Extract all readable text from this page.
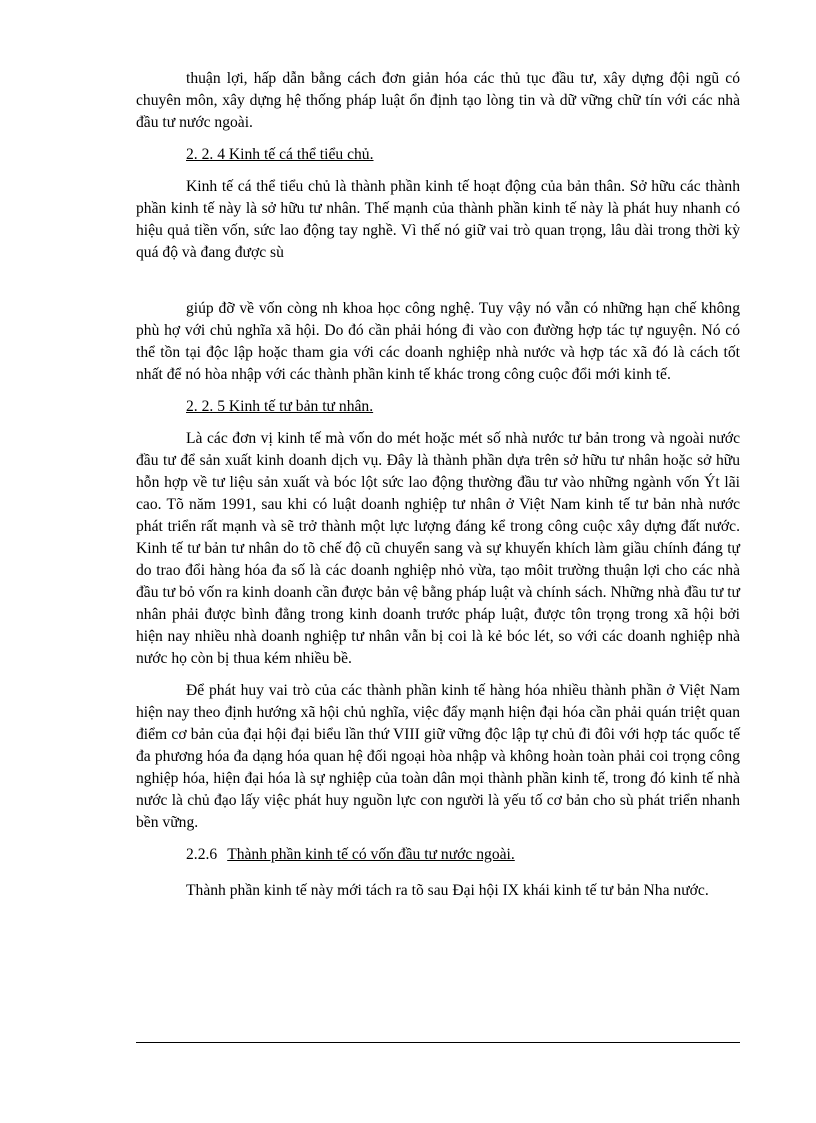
thuận lợi, hấp dẫn bằng cách đơn giản hóa các thủ tục đầu tư, xây dựng đội ngũ có chuyên môn, xây dựng hệ thống pháp luật ổn định tạo lòng tin và dữ vững chữ tín với các nhà đầu tư nước ngoài.

2. 2. 4 Kinh tế cá thể tiểu chủ.

Kinh tế cá thể tiểu chủ là thành phần kinh tế hoạt động của bản thân. Sở hữu các thành phần kinh tế này là sở hữu tư nhân. Thế mạnh của thành phần kinh tế này là phát huy nhanh có hiệu quả tiền vốn, sức lao động tay nghề. Vì thế nó giữ vai trò quan trọng, lâu dài trong thời kỳ quá độ và đang được sù

giúp đỡ về vốn còng nh khoa học công nghệ. Tuy vậy nó vẫn có những hạn chế không phù hợ với chủ nghĩa xã hội. Do đó cần phải hóng đi vào con đường hợp tác tự nguyện. Nó có thể tồn tại độc lập hoặc tham gia với các doanh nghiệp nhà nước và hợp tác xã đó là cách tốt nhất để nó hòa nhập với các thành phần kinh tế khác trong công cuộc đổi mới kinh tế.

2. 2. 5 Kinh tế tư bản tư nhân.

Là các đơn vị kinh tế mà vốn do mét hoặc mét số nhà nước tư bản trong và ngoài nước đầu tư để sản xuất kinh doanh dịch vụ. Đây là thành phần dựa trên sở hữu tư nhân hoặc sở hữu hỗn hợp về tư liệu sản xuất và bóc lột sức lao động thường đầu tư vào những ngành vốn Ýt lãi cao. Tõ năm 1991, sau khi có luật doanh nghiệp tư nhân ở Việt Nam kinh tế tư bản nhà nước phát triển rất mạnh và sẽ trở thành một lực lượng đáng kể trong công cuộc xây dựng đất nước. Kinh tế tư bản tư nhân do tõ chế độ cũ chuyển sang và sự khuyến khích làm giầu chính đáng tự do trao đổi hàng hóa đa số là các doanh nghiệp nhỏ vừa, tạo môit trường thuận lợi cho các nhà đầu tư bỏ vốn ra kinh doanh cần được bản vệ bằng pháp luật và chính sách. Những nhà đầu tư tư nhân phải được bình đẳng trong kinh doanh trước pháp luật, được tôn trọng trong xã hội bởi hiện nay nhiều nhà doanh nghiệp tư nhân vẫn bị coi là kẻ bóc lét, so với các doanh nghiệp nhà nước họ còn bị thua kém nhiều bề.

Để phát huy vai trò của các thành phần kinh tế hàng hóa nhiều thành phần ở Việt Nam hiện nay theo định hướng xã hội chủ nghĩa, việc đẩy mạnh hiện đại hóa cần phải quán triệt quan điểm cơ bản của đại hội đại biểu lần thứ VIII giữ vững độc lập tự chủ đi đôi với hợp tác quốc tế đa phương hóa đa dạng hóa quan hệ đối ngoại hòa nhập và không hoàn toàn phải coi trọng công nghiệp hóa, hiện đại hóa là sự nghiệp của toàn dân mọi thành phần kinh tế, trong đó kinh tế nhà nước là chủ đạo lấy việc phát huy nguồn lực con người là yếu tố cơ bản cho sù phát triển nhanh bền vững.

2.2.6 Thành phần kinh tế có vốn đầu tư nước ngoài.

Thành phần kinh tế này mới tách ra tõ sau Đại hội IX khái kinh tế tư bản Nha nước.
